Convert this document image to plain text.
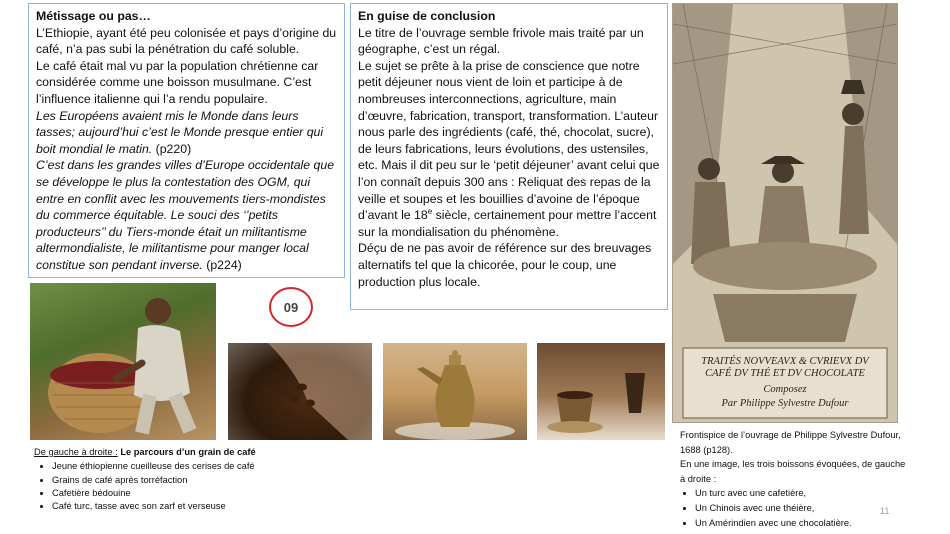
Métissage ou pas…

L’Ethiopie, ayant été peu colonisée et pays d’origine du café, n’a pas subi la pénétration du café soluble.

Le café était mal vu par la population chrétienne car considérée comme une boisson musulmane. C’est l’influence italienne qui l’a rendu populaire.

Les Européens avaient mis le Monde dans leurs tasses; aujourd’hui c’est le Monde presque entier qui boit mondial le matin. (p220)

C’est dans les grandes villes d’Europe occidentale que se développe le plus la contestation des OGM, qui entre en conflit avec les mouvements tiers-mondistes du commerce équitable. Le souci des ‘’petits producteurs’’ du Tiers-monde était un militantisme altermondialiste, le militantisme pour manger local constitue son pendant inverse. (p224)

En guise de conclusion

Le titre de l’ouvrage semble frivole mais traité par un géographe, c’est un régal.

Le sujet se prête à la prise de conscience que notre petit déjeuner nous vient de loin et participe à de nombreuses interconnections, agriculture, main d’œuvre, fabrication, transport, transformation. L’auteur nous parle des ingrédients (café, thé, chocolat, sucre), de leurs fabrications, leurs évolutions, des ustensiles, etc. Mais il dit peu sur le ‘petit déjeuner’ avant celui que l’on connaît depuis 300 ans : Reliquat des repas de la veille et soupes et les bouillies d’avoine de l’époque d’avant le 18e siècle, certainement pour mettre l’accent sur la mondialisation du phénomène.

Déçu de ne pas avoir de référence sur des breuvages alternatifs tel que la chicorée, pour le coup, une production plus locale.

TRAITÉS NOVVEAVX & CVRIEVX DV
CAFÉ DV THÉ ET DV CHOCOLATE
Composez
Par Philippe Sylvestre Dufour
09

De gauche à droite : Le parcours d’un grain de café

• Jeune éthiopienne cueilleuse des cerises de café
• Grains de café après torréfaction
• Cafetière bédouine
• Café turc, tasse avec son zarf et verseuse

Frontispice de l’ouvrage de Philippe Sylvestre Dufour, 1688 (p128).

En une image, les trois boissons évoquées, de gauche à droite :

• Un turc avec une cafetière,
• Un Chinois avec une théière,
• Un Amérindien avec une chocolatière.
11
